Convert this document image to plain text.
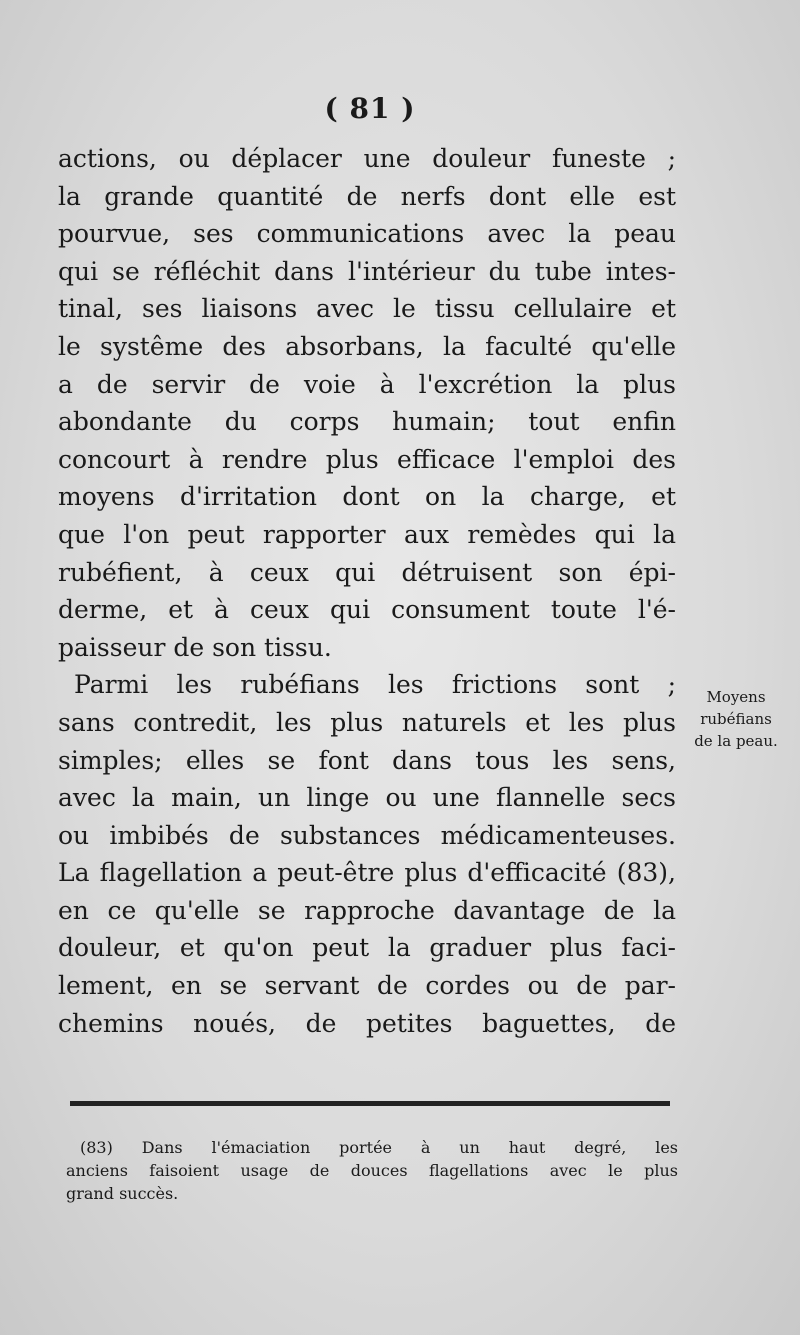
( 81 )
actions, ou déplacer une douleur funeste ;
la grande quantité de nerfs dont elle est
pourvue, ses communications avec la peau
qui se réfléchit dans l'intérieur du tube intes-
tinal, ses liaisons avec le tissu cellulaire et
le systême des absorbans, la faculté qu'elle
a de servir de voie à l'excrétion la plus
abondante du corps humain; tout enfin
concourt à rendre plus efficace l'emploi des
moyens d'irritation dont on la charge, et
que l'on peut rapporter aux remèdes qui la
rubéfient, à ceux qui détruisent son épi-
derme, et à ceux qui consument toute l'é-
paisseur de son tissu.
Parmi les rubéfians les frictions sont ;
sans contredit, les plus naturels et les plus
simples; elles se font dans tous les sens,
avec la main, un linge ou une flannelle secs
ou imbibés de substances médicamenteuses.
La flagellation a peut-être plus d'efficacité (83),
en ce qu'elle se rapproche davantage de la
douleur, et qu'on peut la graduer plus faci-
lement, en se servant de cordes ou de par-
chemins noués, de petites baguettes, de
Moyens
rubéfians
de la peau.
(83) Dans l'émaciation portée à un haut degré, les
anciens faisoient usage de douces flagellations avec le plus
grand succès.
